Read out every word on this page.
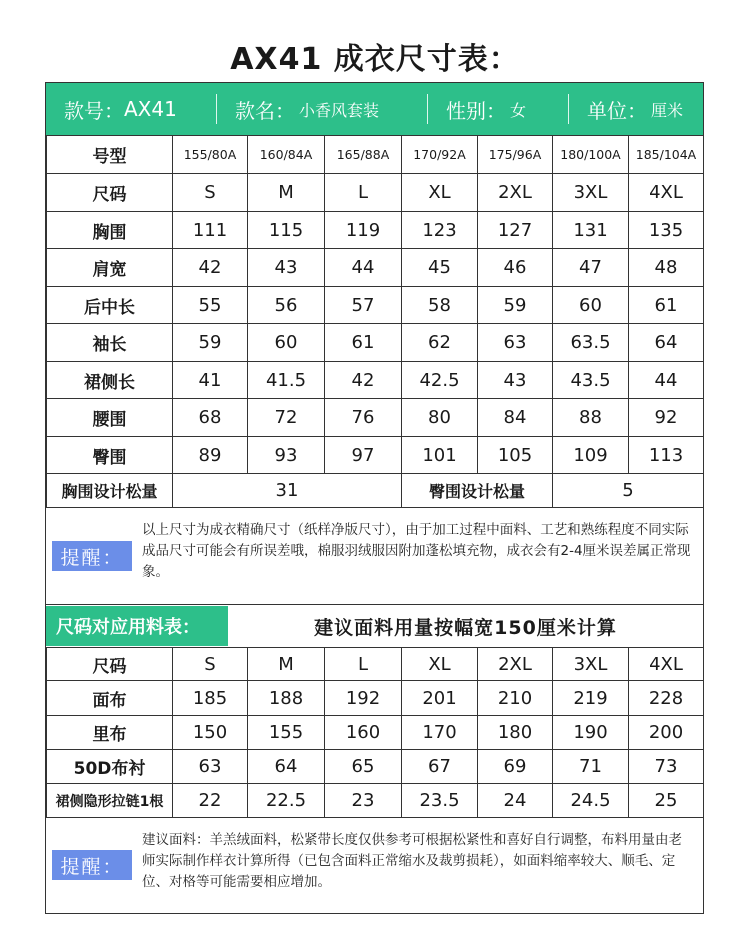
AX41 成衣尺寸表：
款号： AX41	款名： 小香风套装	性别： 女	单位： 厘米
号型	155/80A	160/84A	165/88A	170/92A	175/96A	180/100A	185/104A
尺码	S	M	L	XL	2XL	3XL	4XL
胸围	111	115	119	123	127	131	135
肩宽	42	43	44	45	46	47	48
后中长	55	56	57	58	59	60	61
袖长	59	60	61	62	63	63.5	64
裙侧长	41	41.5	42	42.5	43	43.5	44
腰围	68	72	76	80	84	88	92
臀围	89	93	97	101	105	109	113
胸围设计松量	31			臀围设计松量		5	
提醒：
以上尺寸为成衣精确尺寸（纸样净版尺寸），由于加工过程中面料、工艺和熟练程度不同实际成品尺寸可能会有所误差哦，棉服羽绒服因附加蓬松填充物，成衣会有2-4厘米误差属正常现象。
尺码对应用料表：	建议面料用量按幅宽150厘米计算
尺码	S	M	L	XL	2XL	3XL	4XL
面布	185	188	192	201	210	219	228
里布	150	155	160	170	180	190	200
50D布衬	63	64	65	67	69	71	73
裙侧隐形拉链1根	22	22.5	23	23.5	24	24.5	25
提醒：
建议面料：羊羔绒面料，松紧带长度仅供参考可根据松紧性和喜好自行调整，布料用量由老师实际制作样衣计算所得（已包含面料正常缩水及裁剪损耗），如面料缩率较大、顺毛、定位、对格等可能需要相应增加。
